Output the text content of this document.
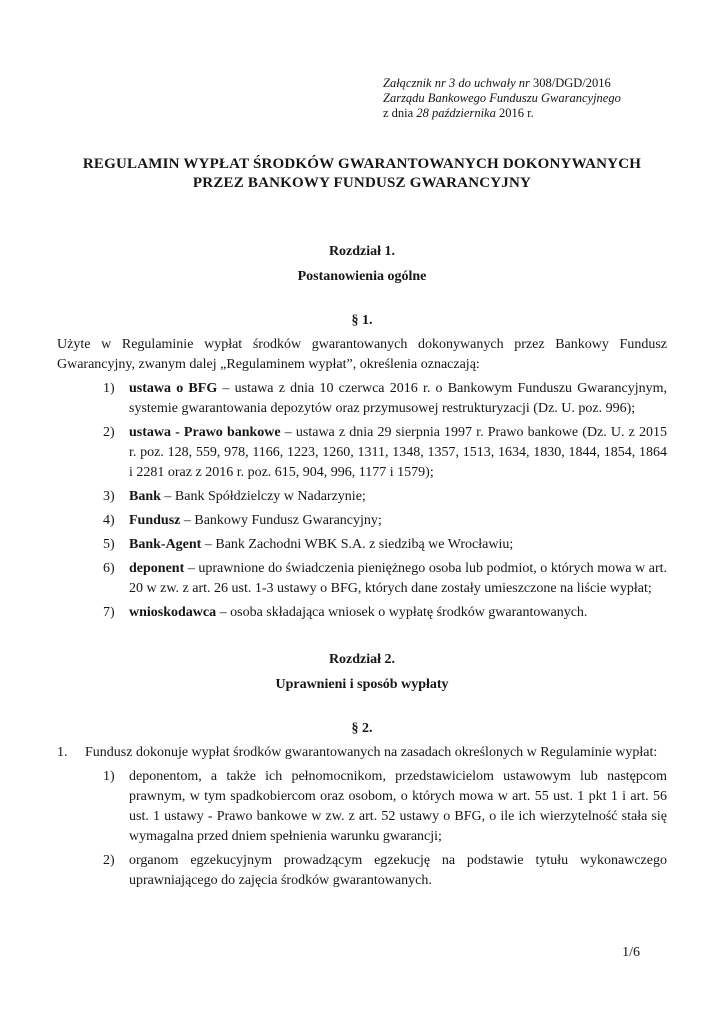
Załącznik nr 3 do uchwały nr 308/DGD/2016
Zarządu Bankowego Funduszu Gwarancyjnego
z dnia 28 października 2016 r.
REGULAMIN WYPŁAT ŚRODKÓW GWARANTOWANYCH DOKONYWANYCH
PRZEZ BANKOWY FUNDUSZ GWARANCYJNY
Rozdział 1.
Postanowienia ogólne
§ 1.
Użyte w Regulaminie wypłat środków gwarantowanych dokonywanych przez Bankowy Fundusz Gwarancyjny, zwanym dalej „Regulaminem wypłat”, określenia oznaczają:
1)	ustawa o BFG – ustawa z dnia 10 czerwca 2016 r. o Bankowym Funduszu Gwarancyjnym, systemie gwarantowania depozytów oraz przymusowej restrukturyzacji (Dz. U. poz. 996);
2)	ustawa - Prawo bankowe – ustawa z dnia 29 sierpnia 1997 r. Prawo bankowe (Dz. U. z 2015 r. poz. 128, 559, 978, 1166, 1223, 1260, 1311, 1348, 1357, 1513, 1634, 1830, 1844, 1854, 1864 i 2281 oraz z 2016 r. poz. 615, 904, 996, 1177 i 1579);
3)	Bank – Bank Spółdzielczy w Nadarzynie;
4)	Fundusz – Bankowy Fundusz Gwarancyjny;
5)	Bank-Agent – Bank Zachodni WBK S.A. z siedzibą we Wrocławiu;
6)	deponent – uprawnione do świadczenia pieniężnego osoba lub podmiot, o których mowa w art. 20 w zw. z art. 26 ust. 1-3 ustawy o BFG, których dane zostały umieszczone na liście wypłat;
7)	wnioskodawca – osoba składająca wniosek o wypłatę środków gwarantowanych.
Rozdział 2.
Uprawnieni i sposób wypłaty
§ 2.
1.	Fundusz dokonuje wypłat środków gwarantowanych na zasadach określonych w Regulaminie wypłat:
1)	deponentom, a także ich pełnomocnikom, przedstawicielom ustawowym lub następcom prawnym, w tym spadkobiercom oraz osobom, o których mowa w art. 55 ust. 1 pkt 1 i art. 56 ust. 1 ustawy - Prawo bankowe w zw. z art. 52 ustawy o BFG, o ile ich wierzytelność stała się wymagalna przed dniem spełnienia warunku gwarancji;
2)	organom egzekucyjnym prowadzącym egzekucję na podstawie tytułu wykonawczego uprawniającego do zajęcia środków gwarantowanych.
1/6
